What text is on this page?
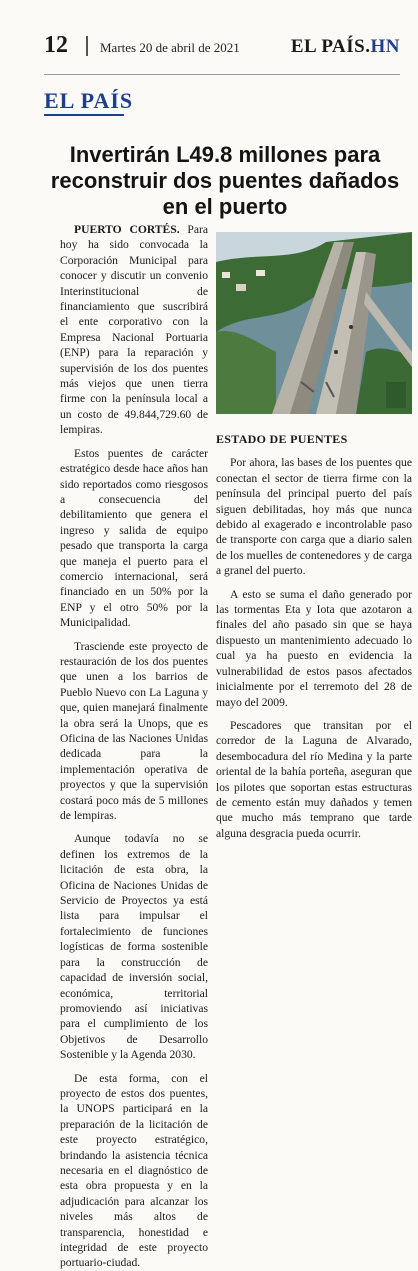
12 Martes 20 de abril de 2021	EL PAÍS.HN
EL PAÍS
Invertirán L49.8 millones para reconstruir dos puentes dañados en el puerto

PUERTO CORTÉS. Para hoy ha sido convocada la Corporación Municipal para conocer y discutir un convenio Interinstitucional de financiamiento que suscribirá el ente corporativo con la Empresa Nacional Portuaria (ENP) para la reparación y supervisión de los dos puentes más viejos que unen tierra firme con la península local a un costo de 49.844,729.60 de lempiras.

Estos puentes de carácter estratégico desde hace años han sido reportados como riesgosos a consecuencia del debilitamiento que genera el ingreso y salida de equipo pesado que transporta la carga que maneja el puerto para el comercio internacional, será financiado en un 50% por la ENP y el otro 50% por la Municipalidad.

Trasciende este proyecto de restauración de los dos puentes que unen a los barrios de Pueblo Nuevo con La Laguna y que, quien manejará finalmente la obra será la Unops, que es Oficina de las Naciones Unidas dedicada para la implementación operativa de proyectos y que la supervisión costará poco más de 5 millones de lempiras.

Aunque todavía no se definen los extremos de la licitación de esta obra, la Oficina de Naciones Unidas de Servicio de Proyectos ya está lista para impulsar el fortalecimiento de funciones logísticas de forma sostenible para la construcción de capacidad de inversión social, económica, territorial promoviendo así iniciativas para el cumplimiento de los Objetivos de Desarrollo Sostenible y la Agenda 2030.

De esta forma, con el proyecto de estos dos puentes, la UNOPS participará en la preparación de la licitación de este proyecto estratégico, brindando la asistencia técnica necesaria en el diagnóstico de esta obra propuesta y en la adjudicación para alcanzar los niveles más altos de transparencia, honestidad e integridad de este proyecto portuario-ciudad.

ESTADO DE PUENTES

Por ahora, las bases de los puentes que conectan el sector de tierra firme con la península del principal puerto del país siguen debilitadas, hoy más que nunca debido al exagerado e incontrolable paso de transporte con carga que a diario salen de los muelles de contenedores y de carga a granel del puerto.

A esto se suma el daño generado por las tormentas Eta y Iota que azotaron a finales del año pasado sin que se haya dispuesto un mantenimiento adecuado lo cual ya ha puesto en evidencia la vulnerabilidad de estos pasos afectados inicialmente por el terremoto del 28 de mayo del 2009.

Pescadores que transitan por el corredor de la Laguna de Alvarado, desembocadura del río Medina y la parte oriental de la bahía porteña, aseguran que los pilotes que soportan estas estructuras de cemento están muy dañados y temen que mucho más temprano que tarde alguna desgracia pueda ocurrir.
